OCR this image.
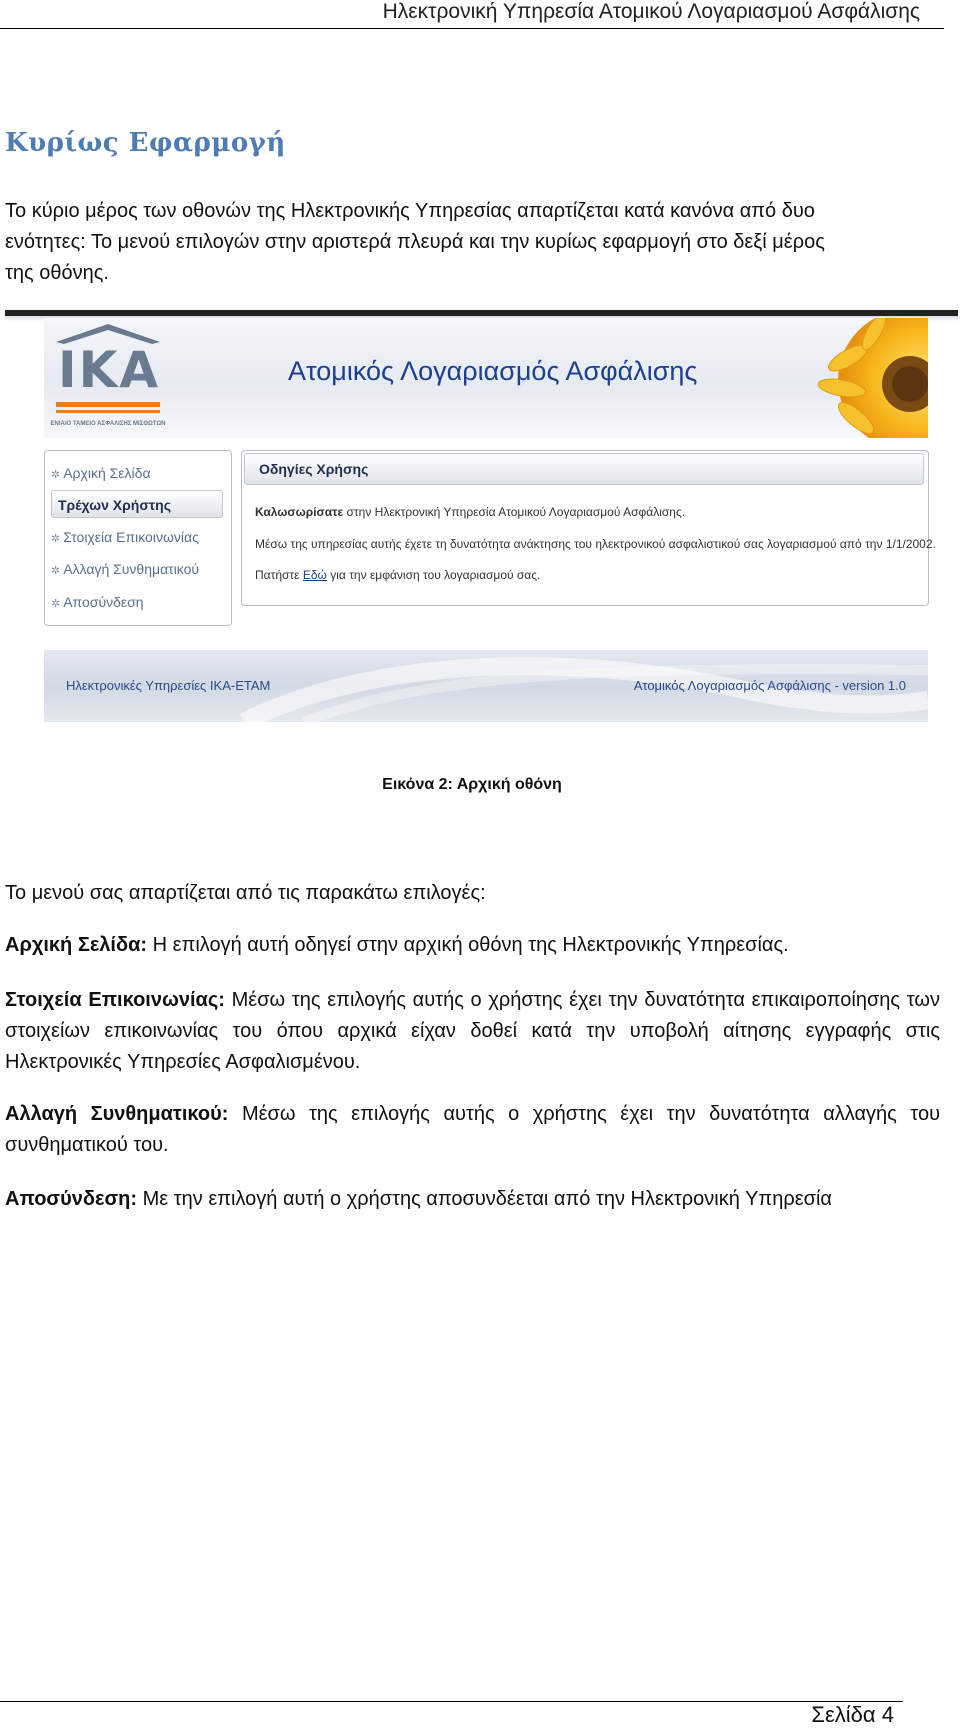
Ηλεκτρονική Υπηρεσία Ατομικού Λογαριασμού Ασφάλισης
Κυρίως Εφαρμογή

Το κύριο μέρος των οθονών της Ηλεκτρονικής Υπηρεσίας απαρτίζεται κατά κανόνα από δυο
ενότητες: Το μενού επιλογών στην αριστερά πλευρά και την κυρίως εφαρμογή στο δεξί μέρος
της οθόνης.

IKA
ΕΝΙΑΙΟ ΤΑΜΕΙΟ ΑΣΦΑΛΙΣΗΣ ΜΙΣΘΩΤΩΝ
Ατομικός Λογαριασμός Ασφάλισης
✲ Αρχική Σελίδα
Τρέχων Χρήστης
✲ Στοιχεία Επικοινωνίας
✲ Αλλαγή Συνθηματικού
✲ Αποσύνδεση
Οδηγίες Χρήσης
Καλωσωρίσατε στην Ηλεκτρονική Υπηρεσία Ατομικού Λογαριασμού Ασφάλισης.
Μέσω της υπηρεσίας αυτής έχετε τη δυνατότητα ανάκτησης του ηλεκτρονικού ασφαλιστικού σας λογαριασμού από την 1/1/2002.
Πατήστε Εδώ για την εμφάνιση του λογαριασμού σας.
Ηλεκτρονικές Υπηρεσίες ΙΚΑ-ΕΤΑΜ	Ατομικός Λογαριασμός Ασφάλισης - version 1.0

Εικόνα 2: Αρχική οθόνη

Το μενού σας απαρτίζεται από τις παρακάτω επιλογές:

Αρχική Σελίδα: Η επιλογή αυτή οδηγεί στην αρχική οθόνη της Ηλεκτρονικής Υπηρεσίας.

Στοιχεία Επικοινωνίας: Μέσω της επιλογής αυτής ο χρήστης έχει την δυνατότητα επικαιροποίησης των στοιχείων επικοινωνίας του όπου αρχικά είχαν δοθεί κατά την υποβολή αίτησης εγγραφής στις Ηλεκτρονικές Υπηρεσίες Ασφαλισμένου.

Αλλαγή Συνθηματικού: Μέσω της επιλογής αυτής ο χρήστης έχει την δυνατότητα αλλαγής του συνθηματικού του.

Αποσύνδεση: Με την επιλογή αυτή ο χρήστης αποσυνδέεται από την Ηλεκτρονική Υπηρεσία

Σελίδα 4
